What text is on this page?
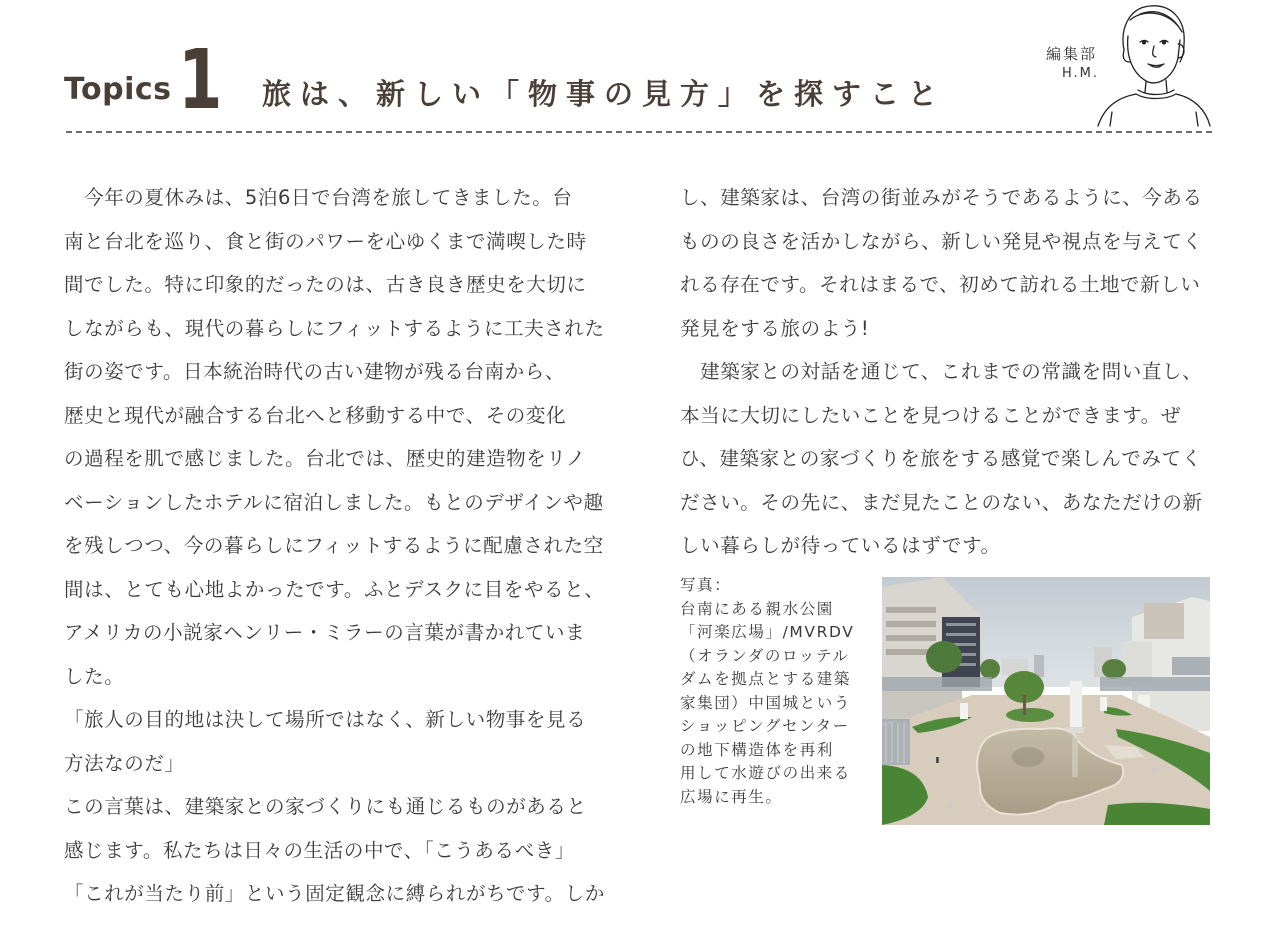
Topics 1 旅は、新しい「物事の見方」を探すこと
編集部
H.M.

　今年の夏休みは、5泊6日で台湾を旅してきました。台

南と台北を巡り、食と街のパワーを心ゆくまで満喫した時

間でした。特に印象的だったのは、古き良き歴史を大切に

しながらも、現代の暮らしにフィットするように工夫された

街の姿です。日本統治時代の古い建物が残る台南から、

歴史と現代が融合する台北へと移動する中で、その変化

の過程を肌で感じました。台北では、歴史的建造物をリノ

ベーションしたホテルに宿泊しました。もとのデザインや趣

を残しつつ、今の暮らしにフィットするように配慮された空

間は、とても心地よかったです。ふとデスクに目をやると、

アメリカの小説家ヘンリー・ミラーの言葉が書かれていま

した。

「旅人の目的地は決して場所ではなく、新しい物事を見る

方法なのだ」

この言葉は、建築家との家づくりにも通じるものがあると

感じます。私たちは日々の生活の中で、「こうあるべき」

「これが当たり前」という固定観念に縛られがちです。しか

し、建築家は、台湾の街並みがそうであるように、今ある

ものの良さを活かしながら、新しい発見や視点を与えてく

れる存在です。それはまるで、初めて訪れる土地で新しい

発見をする旅のよう!

　建築家との対話を通じて、これまでの常識を問い直し、

本当に大切にしたいことを見つけることができます。ぜ

ひ、建築家との家づくりを旅をする感覚で楽しんでみてく

ださい。その先に、まだ見たことのない、あなただけの新

しい暮らしが待っているはずです。

写真：

台南にある親水公園

「河楽広場」/MVRDV

（オランダのロッテル

ダムを拠点とする建築

家集団）中国城という

ショッピングセンター

の地下構造体を再利

用して水遊びの出来る

広場に再生。
